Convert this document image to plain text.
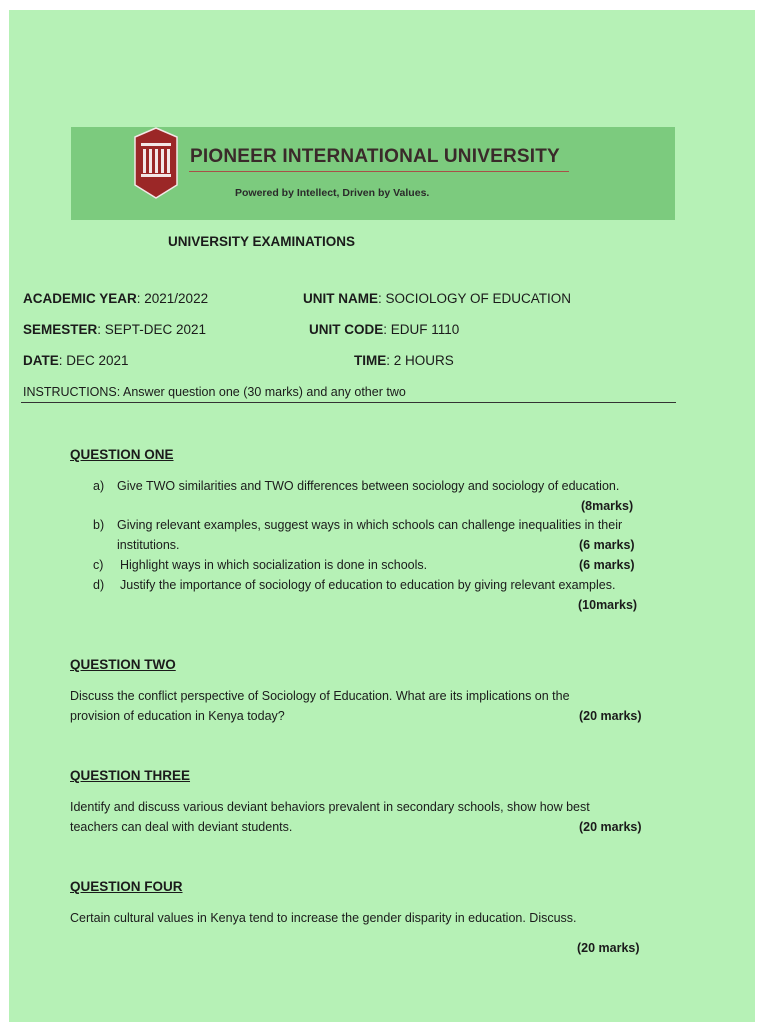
PIONEER INTERNATIONAL UNIVERSITY
Powered by Intellect, Driven by Values.
UNIVERSITY EXAMINATIONS
ACADEMIC YEAR: 2021/2022	UNIT NAME: SOCIOLOGY OF EDUCATION
SEMESTER: SEPT-DEC 2021	UNIT CODE: EDUF 1110
DATE: DEC 2021	TIME: 2 HOURS
INSTRUCTIONS: Answer question one (30 marks) and any other two
QUESTION ONE
a) Give TWO similarities and TWO differences between sociology and sociology of education.
(8marks)
b) Giving relevant examples, suggest ways in which schools can challenge inequalities in their
institutions.	(6 marks)
c) Highlight ways in which socialization is done in schools.	(6 marks)
d) Justify the importance of sociology of education to education by giving relevant examples.
(10marks)
QUESTION TWO
Discuss the conflict perspective of Sociology of Education. What are its implications on the
provision of education in Kenya today?	(20 marks)
QUESTION THREE
Identify and discuss various deviant behaviors prevalent in secondary schools, show how best
teachers can deal with deviant students.	(20 marks)
QUESTION FOUR
Certain cultural values in Kenya tend to increase the gender disparity in education. Discuss.
(20 marks)
